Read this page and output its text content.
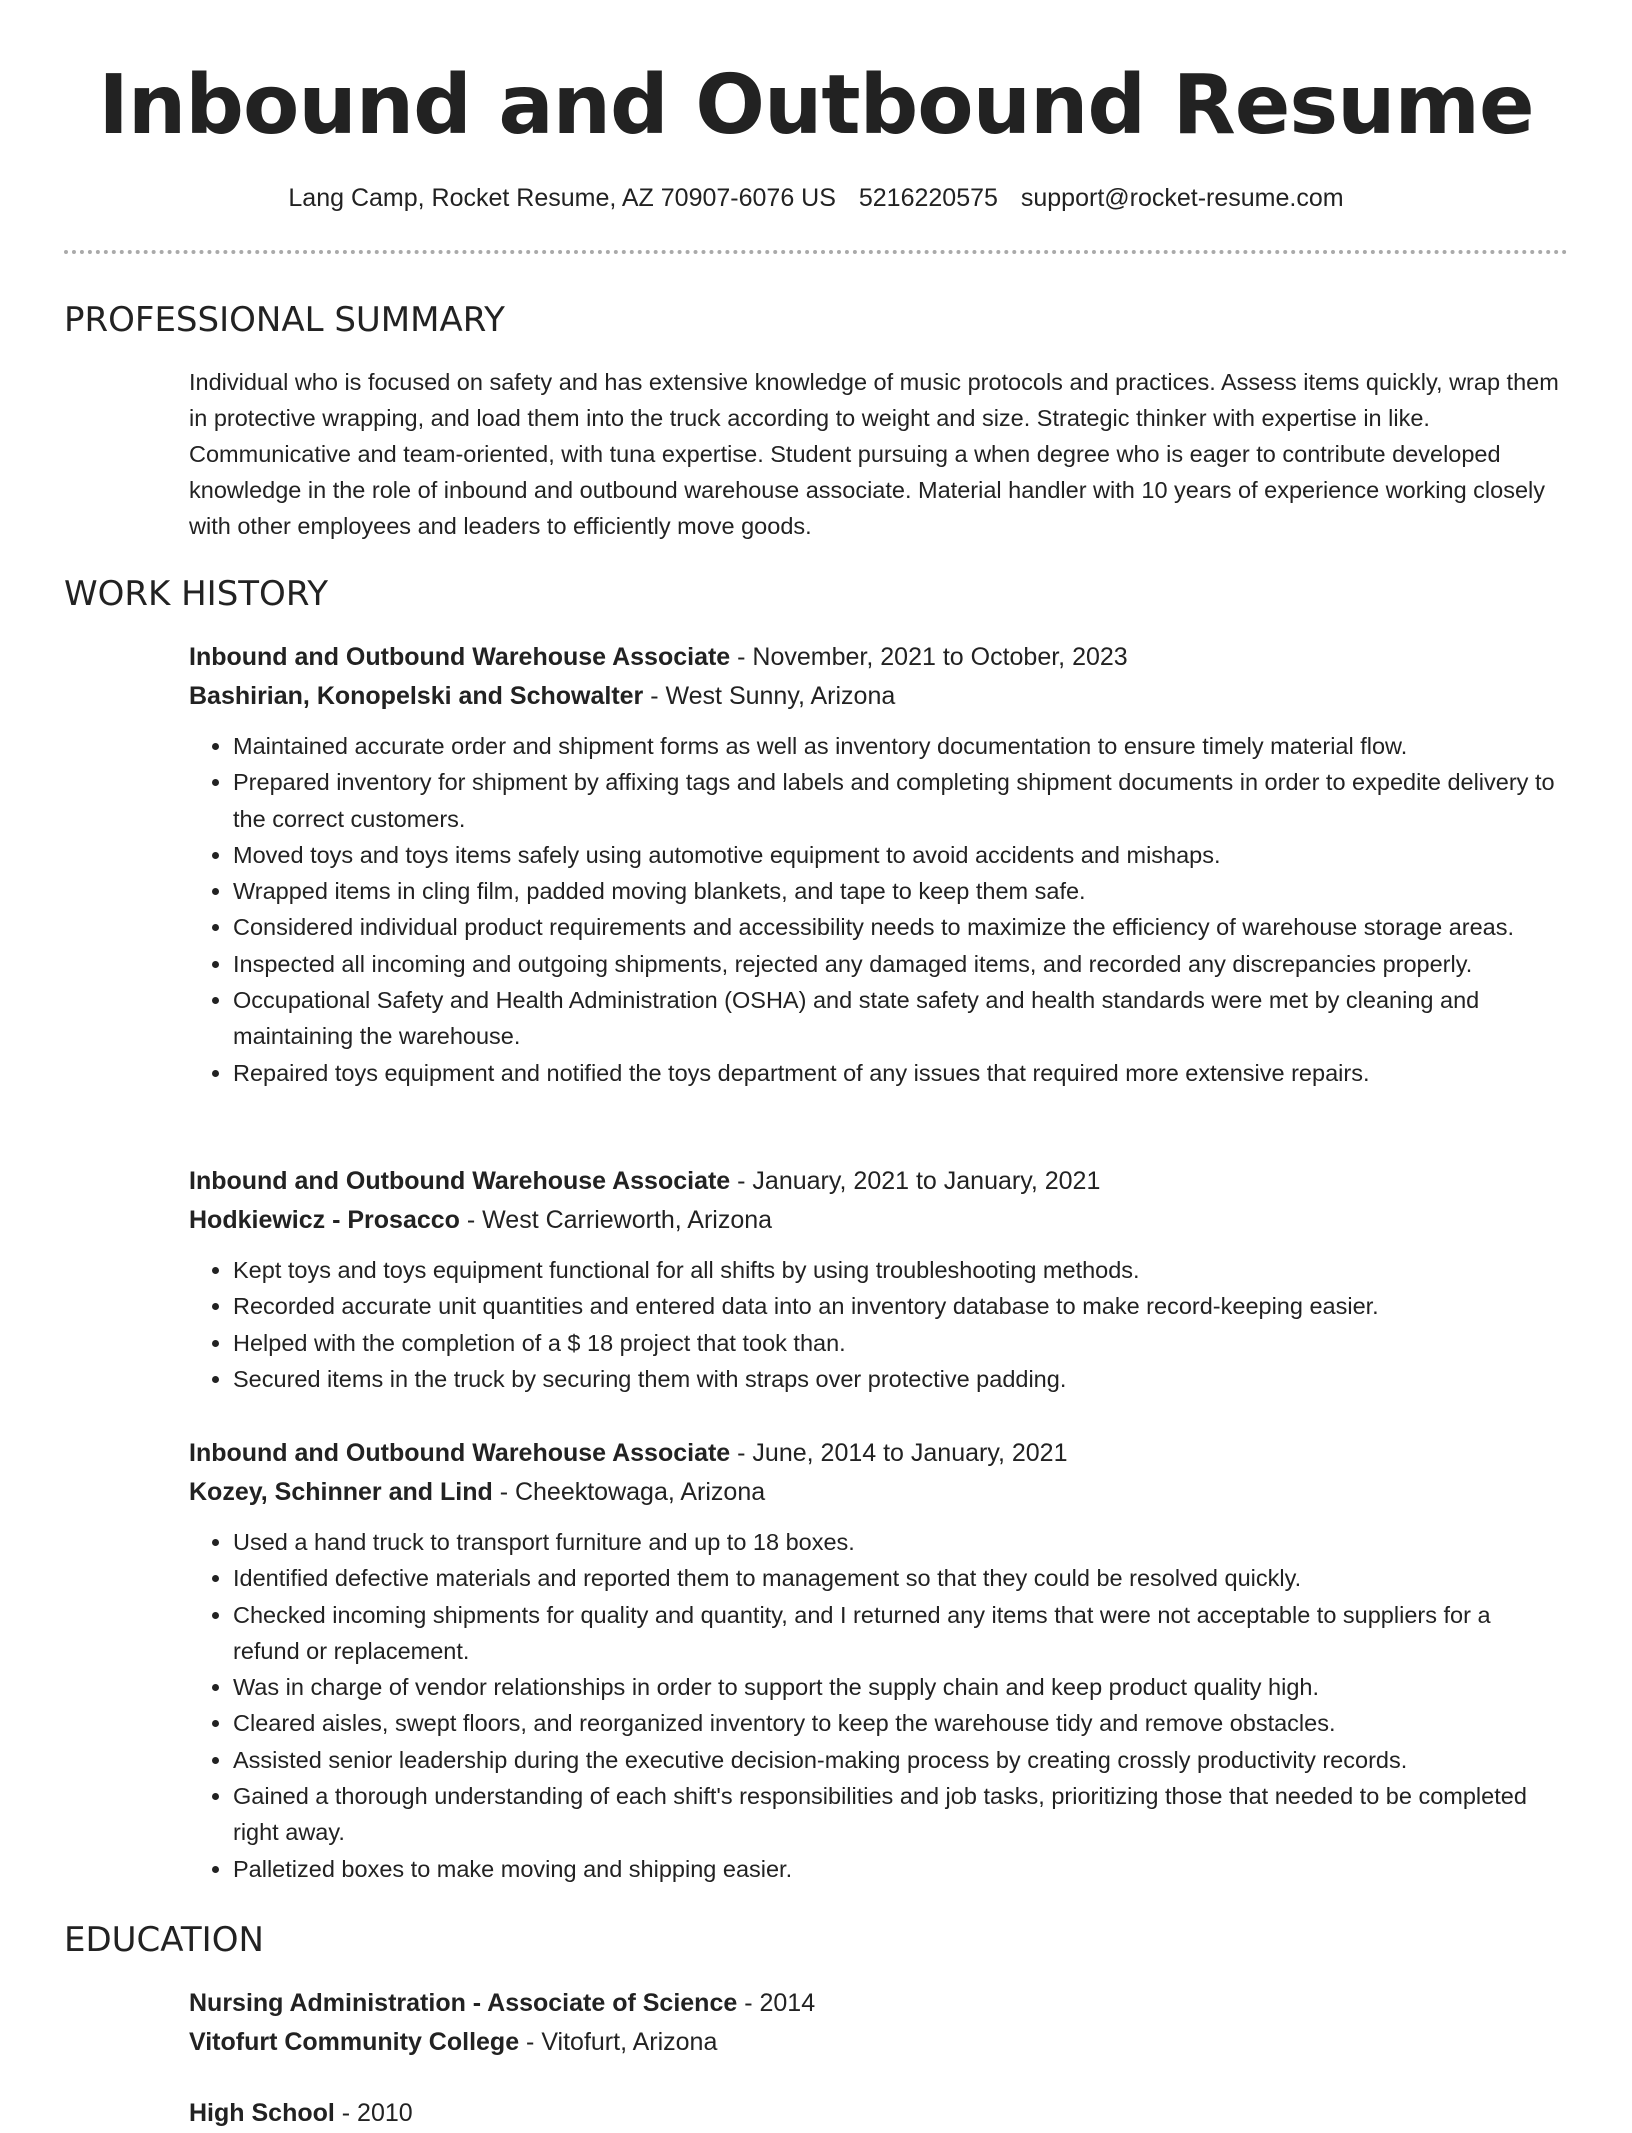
Inbound and Outbound Resume
Lang Camp, Rocket Resume, AZ 70907-6076 US 5216220575 support@rocket-resume.com
PROFESSIONAL SUMMARY

Individual who is focused on safety and has extensive knowledge of music protocols and practices. Assess items quickly, wrap them in protective wrapping, and load them into the truck according to weight and size. Strategic thinker with expertise in like. Communicative and team-oriented, with tuna expertise. Student pursuing a when degree who is eager to contribute developed knowledge in the role of inbound and outbound warehouse associate. Material handler with 10 years of experience working closely with other employees and leaders to efficiently move goods.

WORK HISTORY

Inbound and Outbound Warehouse Associate - November, 2021 to October, 2023

Bashirian, Konopelski and Schowalter - West Sunny, Arizona

• Maintained accurate order and shipment forms as well as inventory documentation to ensure timely material flow.
• Prepared inventory for shipment by affixing tags and labels and completing shipment documents in order to expedite delivery to the correct customers.
• Moved toys and toys items safely using automotive equipment to avoid accidents and mishaps.
• Wrapped items in cling film, padded moving blankets, and tape to keep them safe.
• Considered individual product requirements and accessibility needs to maximize the efficiency of warehouse storage areas.
• Inspected all incoming and outgoing shipments, rejected any damaged items, and recorded any discrepancies properly.
• Occupational Safety and Health Administration (OSHA) and state safety and health standards were met by cleaning and maintaining the warehouse.
• Repaired toys equipment and notified the toys department of any issues that required more extensive repairs.

Inbound and Outbound Warehouse Associate - January, 2021 to January, 2021

Hodkiewicz - Prosacco - West Carrieworth, Arizona

• Kept toys and toys equipment functional for all shifts by using troubleshooting methods.
• Recorded accurate unit quantities and entered data into an inventory database to make record-keeping easier.
• Helped with the completion of a $ 18 project that took than.
• Secured items in the truck by securing them with straps over protective padding.

Inbound and Outbound Warehouse Associate - June, 2014 to January, 2021

Kozey, Schinner and Lind - Cheektowaga, Arizona

• Used a hand truck to transport furniture and up to 18 boxes.
• Identified defective materials and reported them to management so that they could be resolved quickly.
• Checked incoming shipments for quality and quantity, and I returned any items that were not acceptable to suppliers for a refund or replacement.
• Was in charge of vendor relationships in order to support the supply chain and keep product quality high.
• Cleared aisles, swept floors, and reorganized inventory to keep the warehouse tidy and remove obstacles.
• Assisted senior leadership during the executive decision-making process by creating crossly productivity records.
• Gained a thorough understanding of each shift's responsibilities and job tasks, prioritizing those that needed to be completed right away.
• Palletized boxes to make moving and shipping easier.
EDUCATION

Nursing Administration - Associate of Science - 2014

Vitofurt Community College - Vitofurt, Arizona

High School - 2010
